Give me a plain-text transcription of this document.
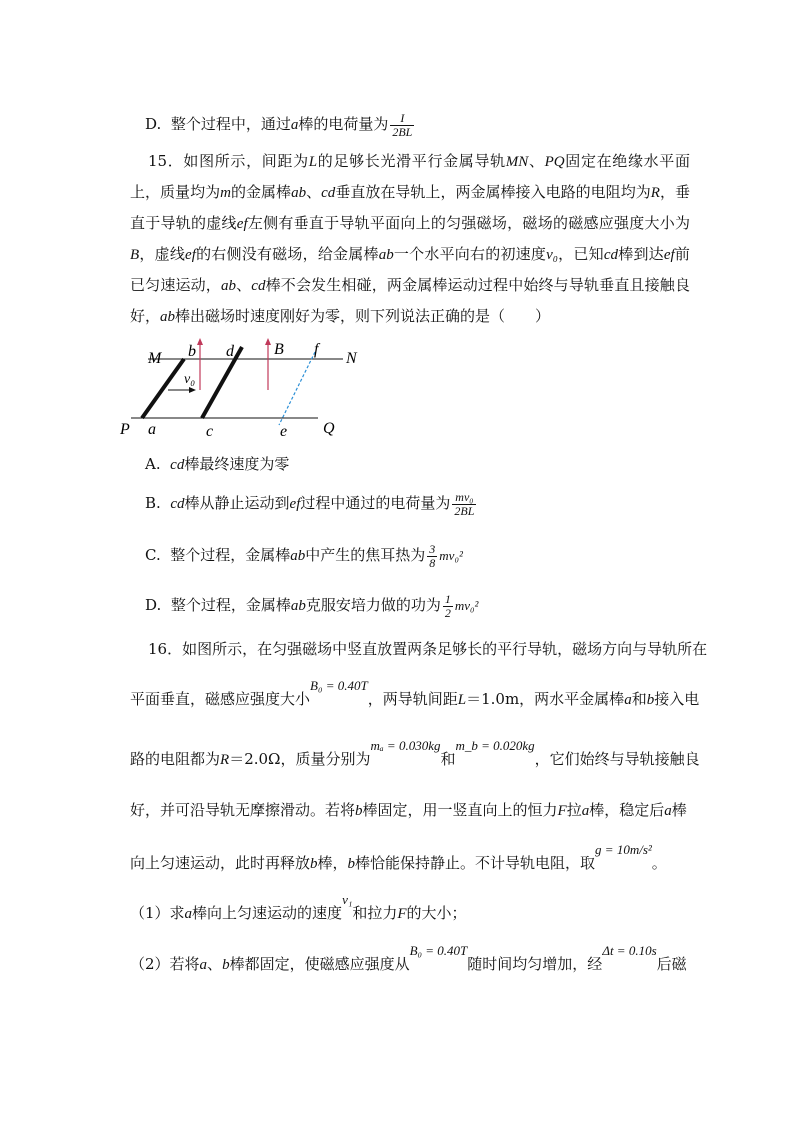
D. 整个过程中，通过a棒的电荷量为 $\frac{I}{2BL}$
15．如图所示，间距为L的足够长光滑平行金属导轨MN、PQ固定在绝缘水平面上，质量均为m的金属棒ab、cd垂直放在导轨上，两金属棒接入电路的电阻均为R，垂直于导轨的虚线ef左侧有垂直于导轨平面向上的匀强磁场，磁场的磁感应强度大小为B，虚线ef的右侧没有磁场，给金属棒ab一个水平向右的初速度v₀，已知cd棒到达ef前已匀速运动，ab、cd棒不会发生相碰，两金属棒运动过程中始终与导轨垂直且接触良好，ab棒出磁场时速度刚好为零，则下列说法正确的是（　　）
M	N
P	Q
a
b
c
d
e
f
B
v₀
A. cd棒最终速度为零
B. cd棒从静止运动到ef过程中通过的电荷量为 $\frac{\text{mv₀}}{2BL}$
C. 整个过程，金属棒ab中产生的焦耳热为 $\frac{3}{8} mv_0^2$
D. 整个过程，金属棒ab克服安培力做的功为 $\frac{1}{2} mv_0^2$
16．如图所示，在匀强磁场中竖直放置两条足够长的平行导轨，磁场方向与导轨所在
平面垂直，磁感应强度大小B₀ = 0.40T，两导轨间距L＝1.0m，两水平金属棒a和b接入电
路的电阻都为R＝2.0Ω，质量分别为mₐ = 0.030kg和m_b = 0.020kg，它们始终与导轨接触良
好，并可沿导轨无摩擦滑动。若将b棒固定，用一竖直向上的恒力F拉a棒，稳定后a棒
向上匀速运动，此时再释放b棒，b棒恰能保持静止。不计导轨电阻，取g = 10m/s²。
（1）求a棒向上匀速运动的速度v₁和拉力F的大小；
（2）若将a、b棒都固定，使磁感应强度从B₀ = 0.40T随时间均匀增加，经Δt = 0.10s后磁
